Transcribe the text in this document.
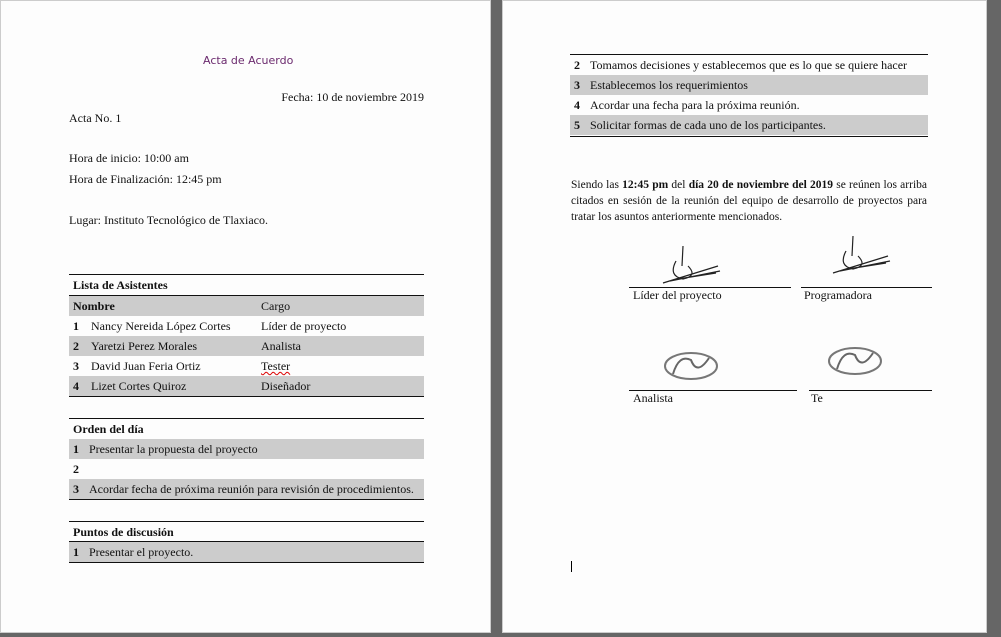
Acta de Acuerdo
Fecha: 10 de noviembre 2019
Acta No. 1
Hora de inicio: 10:00 am
Hora de Finalización: 12:45 pm
Lugar: Instituto Tecnológico de Tlaxiaco.
Lista de Asistentes
Nombre	Cargo
1 Nancy Nereida López Cortes	Líder de proyecto
2 Yaretzi Perez Morales	Analista
3 David Juan Feria Ortiz	Tester
4 Lizet Cortes Quiroz	Diseñador
Orden del día
1 Presentar la propuesta del proyecto
2
3 Acordar fecha de próxima reunión para revisión de procedimientos.
Puntos de discusión
1 Presentar el proyecto.
2 Tomamos decisiones y establecemos que es lo que se quiere hacer
3 Establecemos los requerimientos
4 Acordar una fecha para la próxima reunión.
5 Solicitar formas de cada uno de los participantes.
Siendo las 12:45 pm del día 20 de noviembre del 2019 se reúnen los arriba citados en sesión de la reunión del equipo de desarrollo de proyectos para tratar los asuntos anteriormente mencionados.
Líder del proyecto	Programadora
Analista	Te
